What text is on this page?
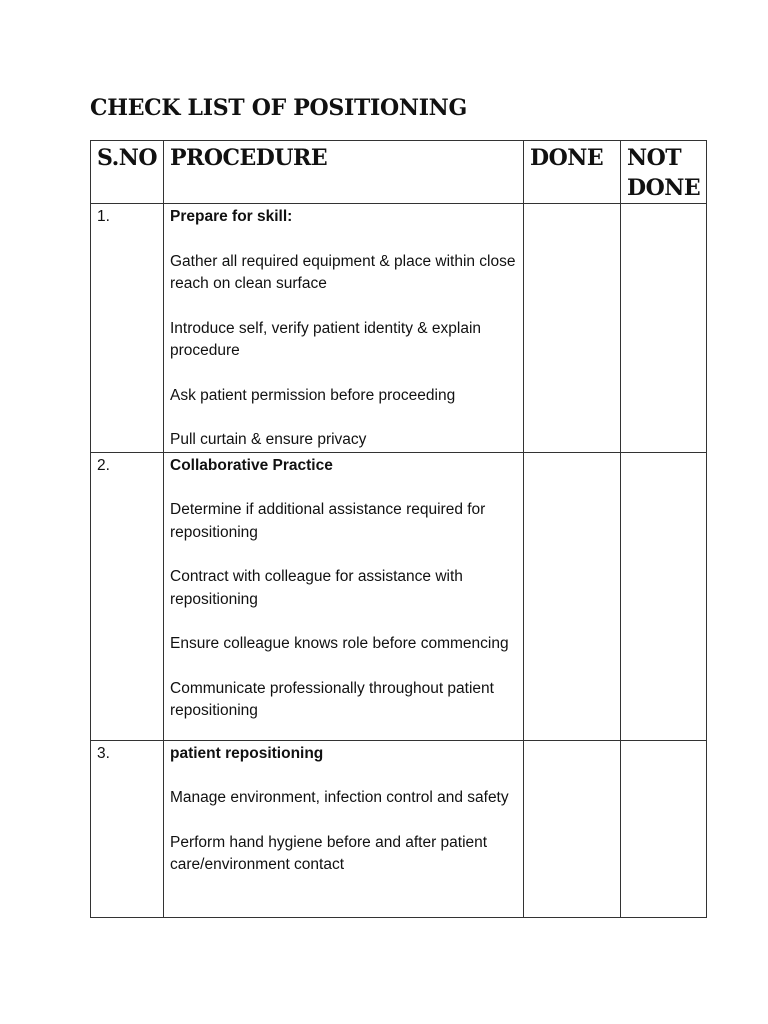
CHECK LIST OF POSITIONING
S.NO	PROCEDURE	DONE	NOT DONE
1.	Prepare for skill:
Gather all required equipment & place within close reach on clean surface
Introduce self, verify patient identity & explain procedure
Ask patient permission before proceeding
Pull curtain & ensure privacy		

2.	Collaborative Practice
Determine if additional assistance required for repositioning
Contract with colleague for assistance with repositioning
Ensure colleague knows role before commencing
Communicate professionally throughout patient repositioning		

3.	patient repositioning
Manage environment, infection control and safety
Perform hand hygiene before and after patient care/environment contact		
